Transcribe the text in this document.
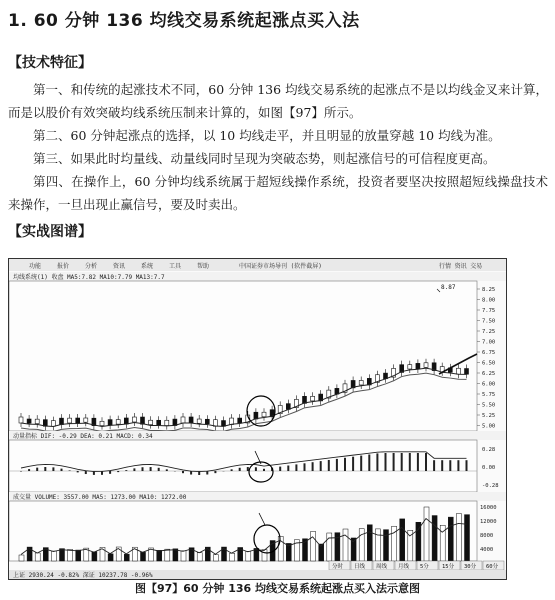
1. 60 分钟 136 均线交易系统起涨点买入法
【技术特征】
第一、和传统的起涨技术不同，60 分钟 136 均线交易系统的起涨点不是以均线金叉来计算，而是以股价有效突破均线系统压制来计算的，如图【97】所示。
第二、60 分钟起涨点的选择，以 10 均线走平，并且明显的放量穿越 10 均线为准。
第三、如果此时均量线、动量线同时呈现为突破态势，则起涨信号的可信程度更高。
第四、在操作上，60 分钟均线系统属于超短线操作系统，投资者要坚决按照超短线操盘技术来操作，一旦出现止赢信号，要及时卖出。
【实战图谱】
中国证券市场导刊 (软件截屏)
功能	报价	分析	资讯	系统	工具	帮助	行情 资讯 交易
均线系统(1) 收盘 MA5:7.82 MA10:7.79 MA13:7.7
8.25
8.00
7.75
7.50
7.25
7.00
6.75
6.50
6.25
6.00
5.75
5.50
5.25
5.00
8.87
动量指标 DIF: -0.29 DEA: 0.21 MACD: 0.34
0.28
0.00
-0.28
成交量 VOLUME: 3557.00 MA5: 1273.00 MA10: 1272.00
16000
12000
8000
4000
分时 日线 周线 月线 5分 15分 30分 60分
上证 2930.24 -0.82% 深证 10237.78 -0.96%
图【97】60 分钟 136 均线交易系统起涨点买入法示意图
